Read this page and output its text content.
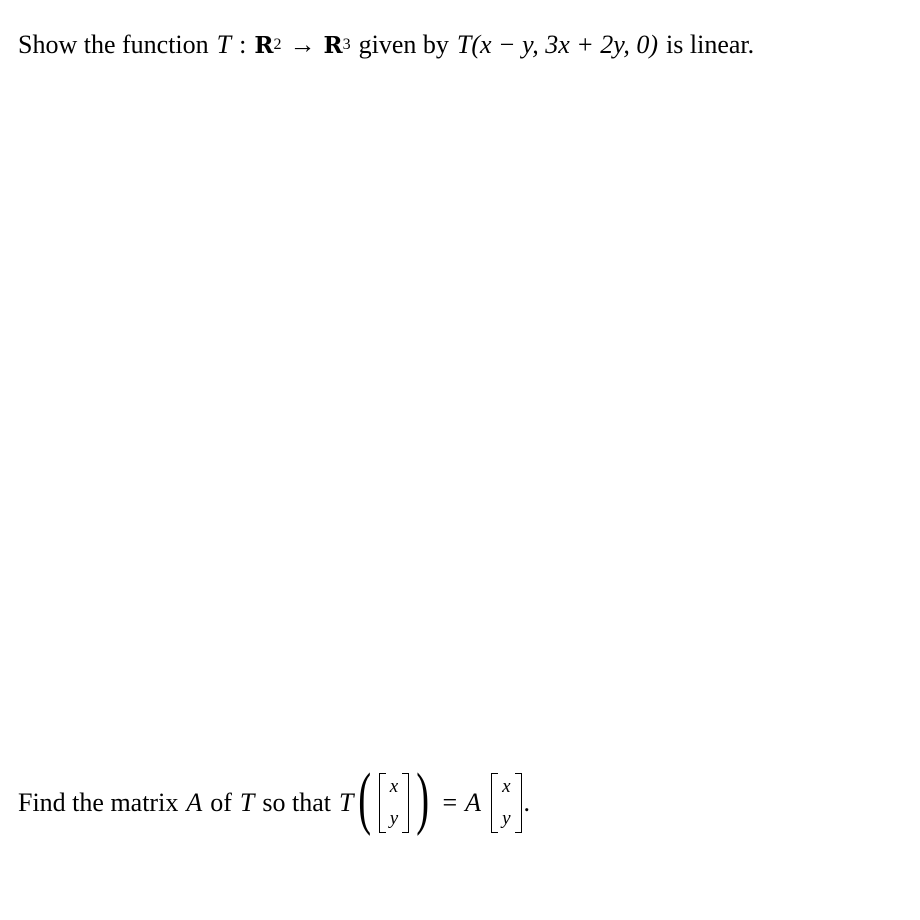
Show the function T : R 2 → R 3 given by T (x − y, 3x + 2y, 0) is linear.
Find the matrix A of T so that T ( x
y ) = A
x
y
.
